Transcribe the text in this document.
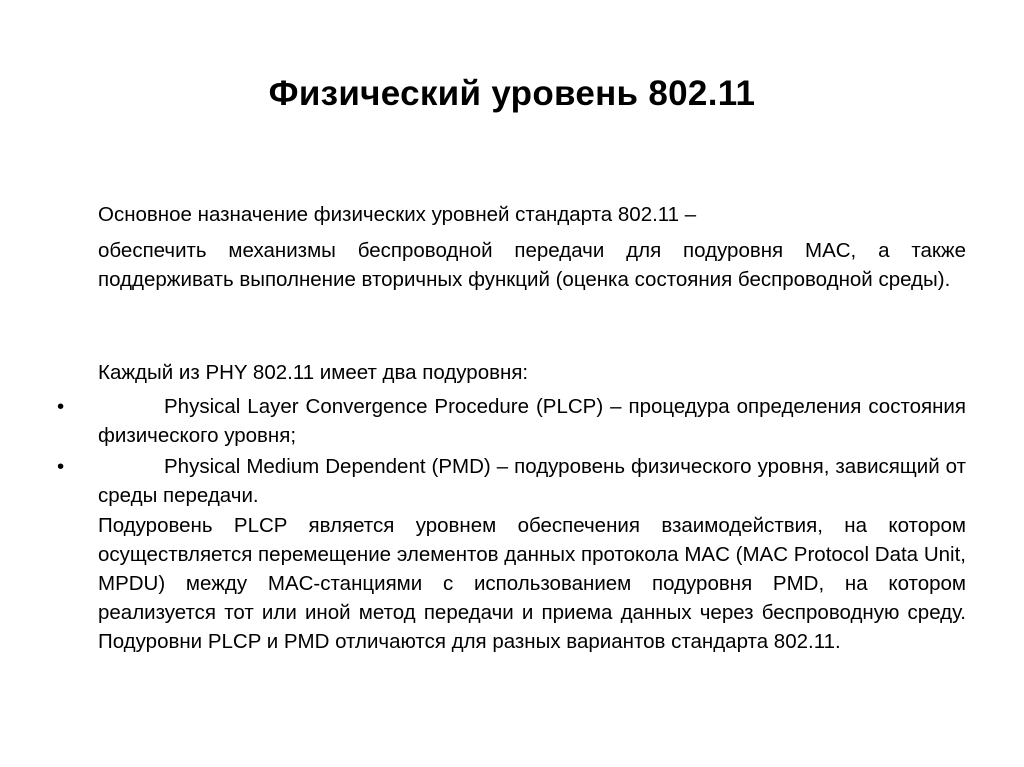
Физический уровень 802.11

Основное назначение физических уровней стандарта 802.11 –

обеспечить механизмы беспроводной передачи для подуровня MAC, а также поддерживать выполнение вторичных функций (оценка состояния беспроводной среды).

Каждый из PHY 802.11 имеет два подуровня:

•	Physical Layer Convergence Procedure (PLCP) – процедура определения состояния физического уровня;

•	Physical Medium Dependent (PMD) – подуровень физического уровня, зависящий от среды передачи.

Подуровень PLCP является уровнем обеспечения взаимодействия, на котором осуществляется перемещение элементов данных протокола MAC (MAC Protocol Data Unit, MPDU) между MAC-станциями с использованием подуровня PMD, на котором реализуется тот или иной метод передачи и приема данных через беспроводную среду. Подуровни PLCP и PMD отличаются для разных вариантов стандарта 802.11.
